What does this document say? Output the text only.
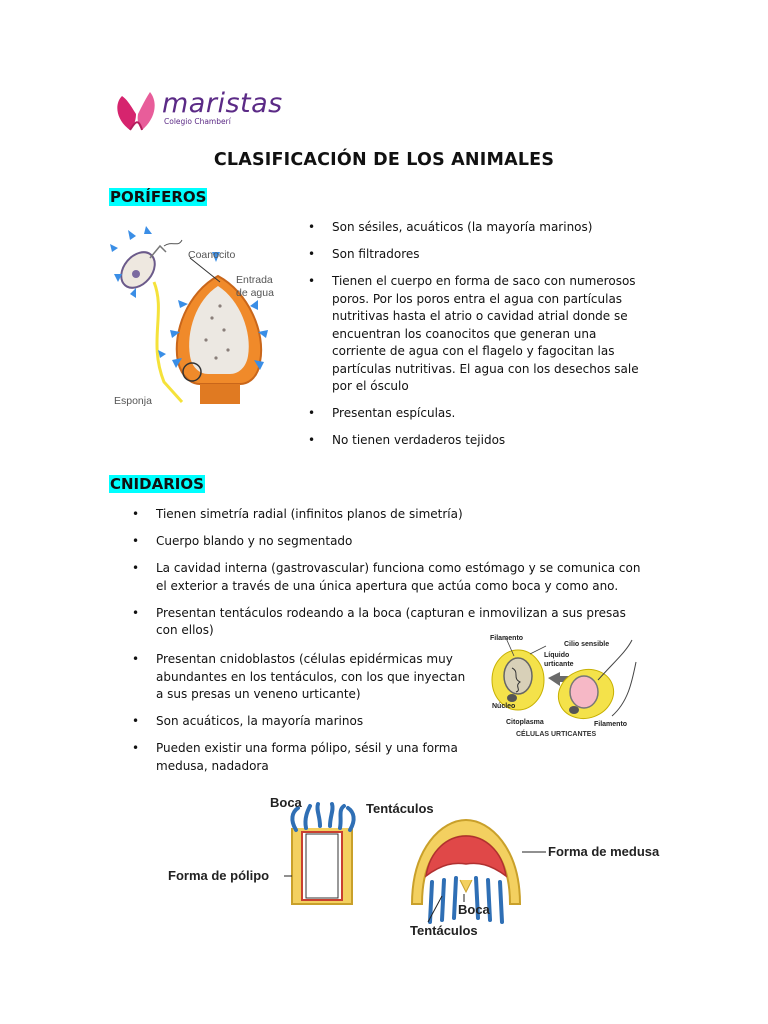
maristas
Colegio Chamberí
CLASIFICACIÓN DE LOS ANIMALES
PORÍFEROS
Coanocito
Entrada
de agua
Esponja
• Son sésiles, acuáticos (la mayoría marinos)
• Son filtradores
• Tienen el cuerpo en forma de saco con numerosos poros. Por los poros entra el agua con partículas nutritivas hasta el atrio o cavidad atrial donde se encuentran los coanocitos que generan una corriente de agua con el flagelo y fagocitan las partículas nutritivas. El agua con los desechos sale por el ósculo
• Presentan espículas.
• No tienen verdaderos tejidos
CNIDARIOS
• Tienen simetría radial (infinitos planos de simetría)
• Cuerpo blando y no segmentado
• La cavidad interna (gastrovascular) funciona como estómago y se comunica con el exterior a través de una única apertura que actúa como boca y como ano.
• Presentan tentáculos rodeando a la boca (capturan e inmovilizan a sus presas con ellos)
• Presentan cnidoblastos (células epidérmicas muy abundantes en los tentáculos, con los que inyectan a sus presas un veneno urticante)
• Son acuáticos, la mayoría marinos
• Pueden existir una forma pólipo, sésil y una forma medusa, nadadora
Filamento
Cilio sensible
Líquido
urticante
Núcleo
Citoplasma	Filamento
CÉLULAS URTICANTES
Boca	Tentáculos
Forma de pólipo
Forma de medusa
Boca
Tentáculos
